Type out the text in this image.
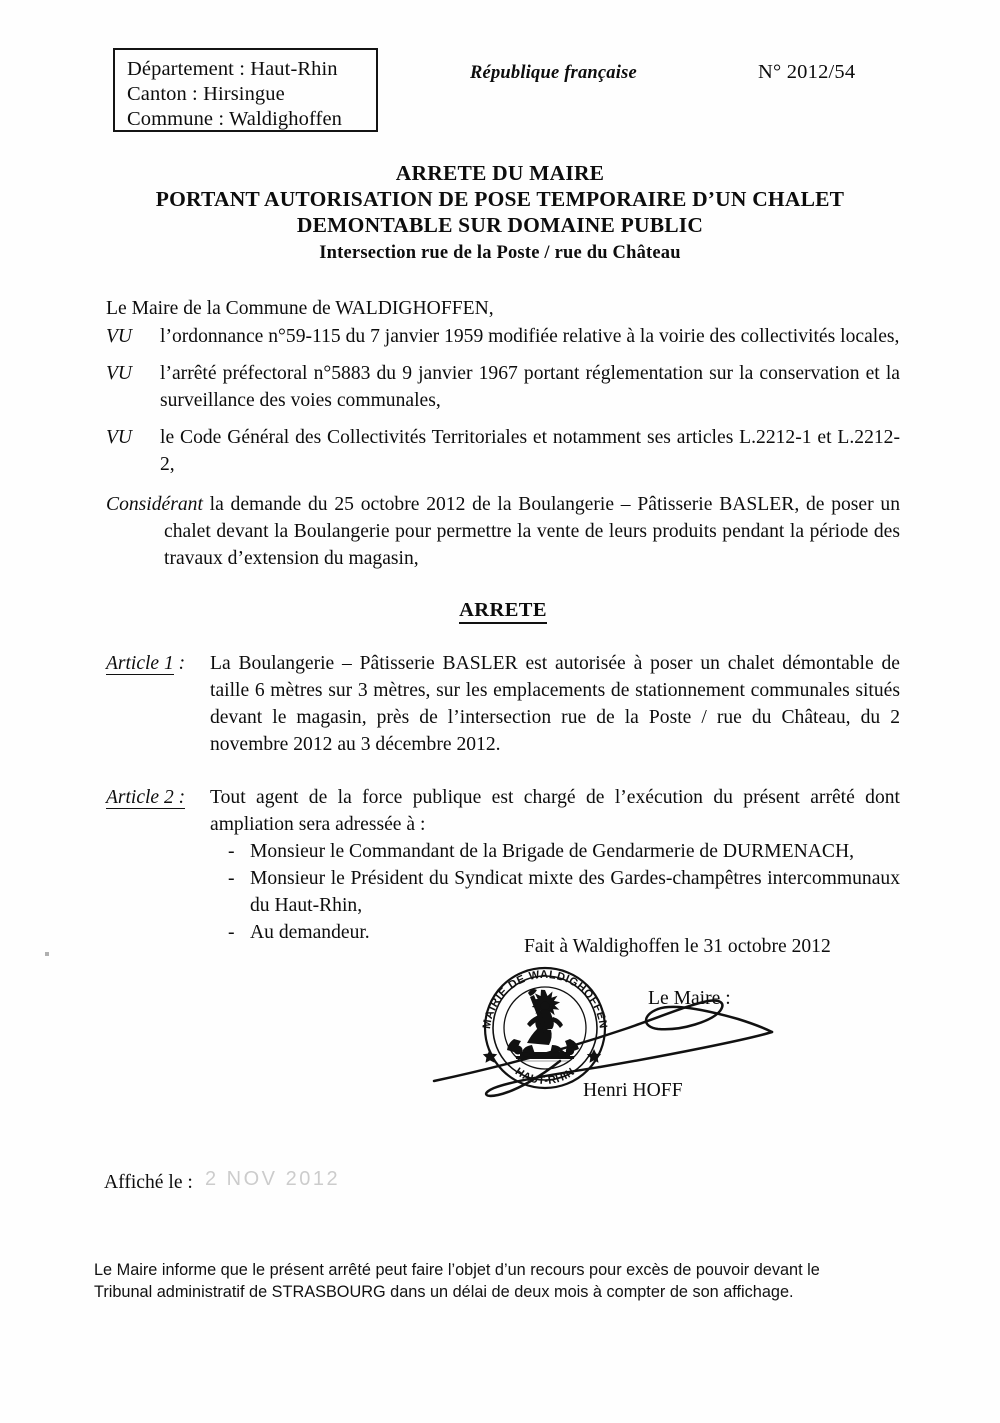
Département : Haut-Rhin
Canton : Hirsingue
Commune : Waldighoffen
République française	N° 2012/54
ARRETE DU MAIRE
PORTANT AUTORISATION DE POSE TEMPORAIRE D’UN CHALET
DEMONTABLE SUR DOMAINE PUBLIC
Intersection rue de la Poste / rue du Château

Le Maire de la Commune de WALDIGHOFFEN,

VU	l’ordonnance n°59-115 du 7 janvier 1959 modifiée relative à la voirie des collectivités locales,
VU	l’arrêté préfectoral n°5883 du 9 janvier 1967 portant réglementation sur la conservation et la surveillance des voies communales,
VU	le Code Général des Collectivités Territoriales et notamment ses articles L.2212-1 et L.2212-2,
Considérant la demande du 25 octobre 2012 de la Boulangerie – Pâtisserie BASLER, de poser un chalet devant la Boulangerie pour permettre la vente de leurs produits pendant la période des travaux d’extension du magasin,
ARRETE
Article 1 :	La Boulangerie – Pâtisserie BASLER est autorisée à poser un chalet démontable de taille 6 mètres sur 3 mètres, sur les emplacements de stationnement communales situés devant le magasin, près de l’intersection rue de la Poste / rue du Château, du 2 novembre 2012 au 3 décembre 2012.
Article 2 :	Tout agent de la force publique est chargé de l’exécution du présent arrêté dont ampliation sera adressée à :
- Monsieur le Commandant de la Brigade de Gendarmerie de DURMENACH,
- Monsieur le Président du Syndicat mixte des Gardes-champêtres intercommunaux du Haut-Rhin,
- Au demandeur.
Fait à Waldighoffen le 31 octobre 2012
Le Maire :
Henri HOFF
MAIRIE DE WALDIGHOFFEN
HAUT-RHIN
Affiché le : 2 NOV 2012
Le Maire informe que le présent arrêté peut faire l’objet d’un recours pour excès de pouvoir devant le
Tribunal administratif de STRASBOURG dans un délai de deux mois à compter de son affichage.
